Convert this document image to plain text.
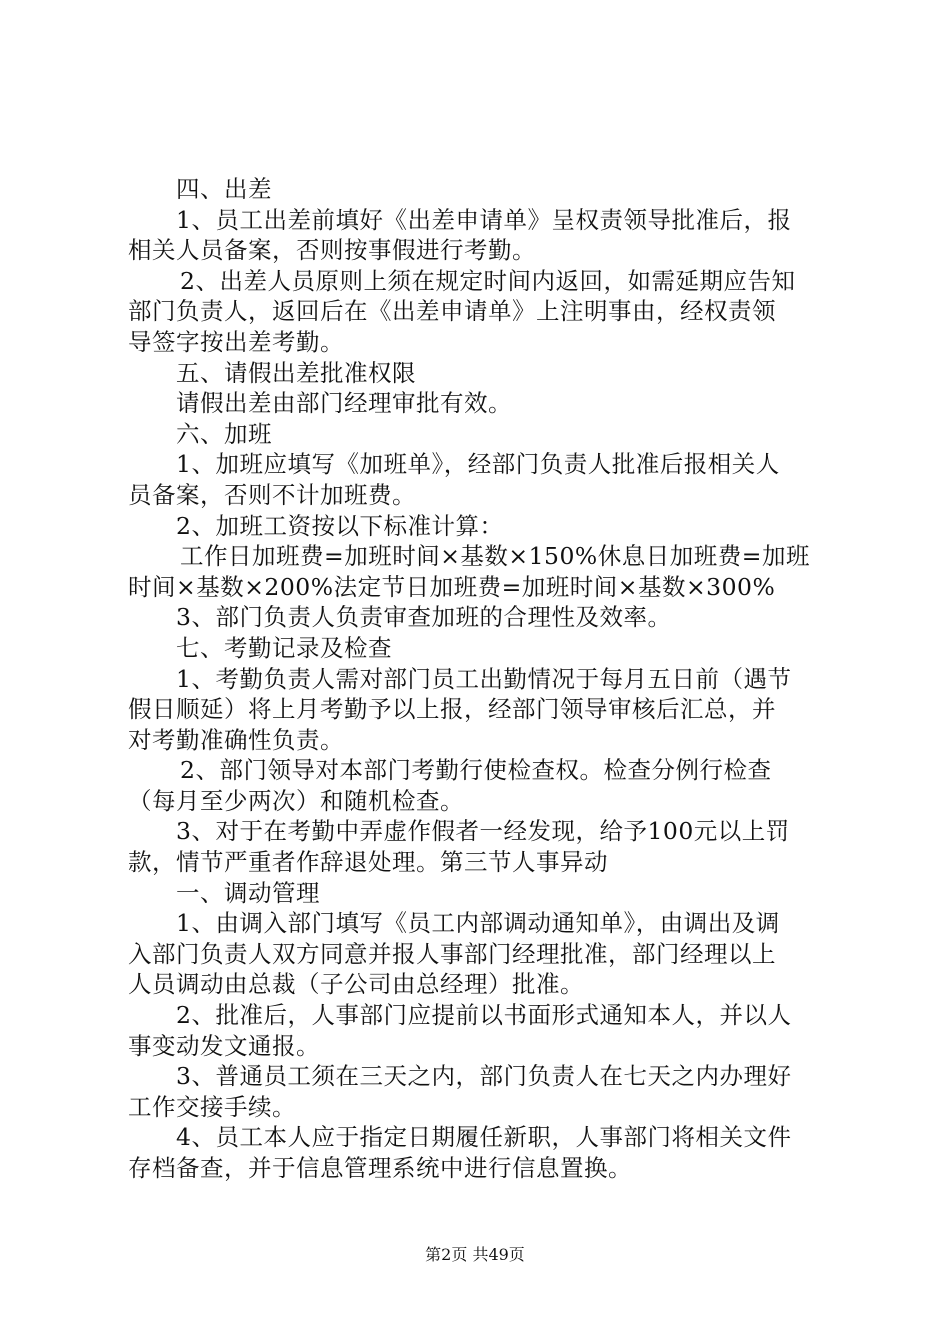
四、出差
1、员工出差前填好《出差申请单》呈权责领导批准后，报
相关人员备案，否则按事假进行考勤。
2、出差人员原则上须在规定时间内返回，如需延期应告知
部门负责人，返回后在《出差申请单》上注明事由，经权责领
导签字按出差考勤。
五、请假出差批准权限
请假出差由部门经理审批有效。
六、加班
1、加班应填写《加班单》，经部门负责人批准后报相关人
员备案，否则不计加班费。
2、加班工资按以下标准计算：
工作日加班费=加班时间×基数×150%休息日加班费=加班
时间×基数×200%法定节日加班费=加班时间×基数×300%
3、部门负责人负责审查加班的合理性及效率。
七、考勤记录及检查
1、考勤负责人需对部门员工出勤情况于每月五日前（遇节
假日顺延）将上月考勤予以上报，经部门领导审核后汇总，并
对考勤准确性负责。
2、部门领导对本部门考勤行使检查权。检查分例行检查
（每月至少两次）和随机检查。
3、对于在考勤中弄虚作假者一经发现，给予100元以上罚
款，情节严重者作辞退处理。第三节人事异动
一、调动管理
1、由调入部门填写《员工内部调动通知单》，由调出及调
入部门负责人双方同意并报人事部门经理批准，部门经理以上
人员调动由总裁（子公司由总经理）批准。
2、批准后，人事部门应提前以书面形式通知本人，并以人
事变动发文通报。
3、普通员工须在三天之内，部门负责人在七天之内办理好
工作交接手续。
4、员工本人应于指定日期履任新职，人事部门将相关文件
存档备查，并于信息管理系统中进行信息置换。
第2页 共49页
